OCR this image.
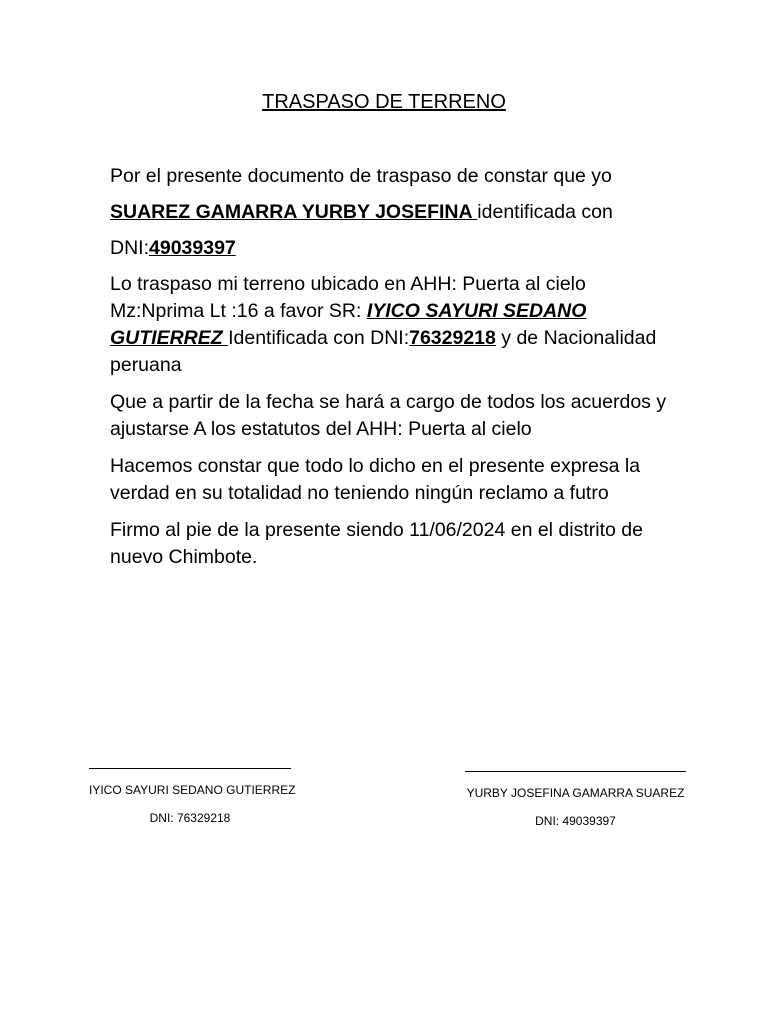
TRASPASO DE TERRENO

Por el presente documento de traspaso de constar que yo

SUAREZ GAMARRA YURBY JOSEFINA identificada con

DNI:49039397

Lo traspaso mi terreno ubicado en AHH: Puerta al cielo Mz:Nprima Lt :16 a favor SR: IYICO SAYURI SEDANO GUTIERREZ Identificada con DNI:76329218 y de Nacionalidad peruana

Que a partir de la fecha se hará a cargo de todos los acuerdos y ajustarse A los estatutos del AHH: Puerta al cielo

Hacemos constar que todo lo dicho en el presente expresa la verdad en su totalidad no teniendo ningún reclamo a futro

Firmo al pie de la presente siendo 11/06/2024 en el distrito de nuevo Chimbote.

IYICO SAYURI SEDANO GUTIERREZ
DNI: 76329218
YURBY JOSEFINA GAMARRA SUAREZ
DNI: 49039397
